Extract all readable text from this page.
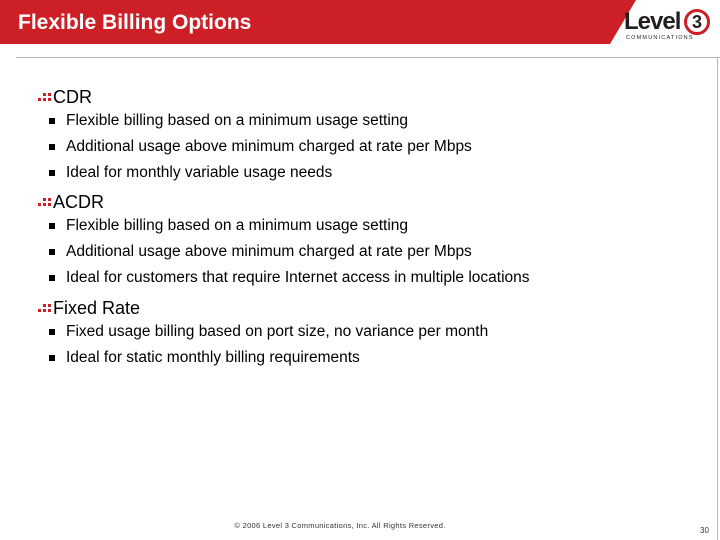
Flexible Billing Options	Level 3
COMMUNICATIONS
CDR
Flexible billing based on a minimum usage setting
Additional usage above minimum charged at rate per Mbps
Ideal for monthly variable usage needs
ACDR
Flexible billing based on a minimum usage setting
Additional usage above minimum charged at rate per Mbps
Ideal for customers that require Internet access in multiple locations
Fixed Rate
Fixed usage billing based on port size, no variance per month
Ideal for static monthly billing requirements
© 2006 Level 3 Communications, Inc. All Rights Reserved.
30
